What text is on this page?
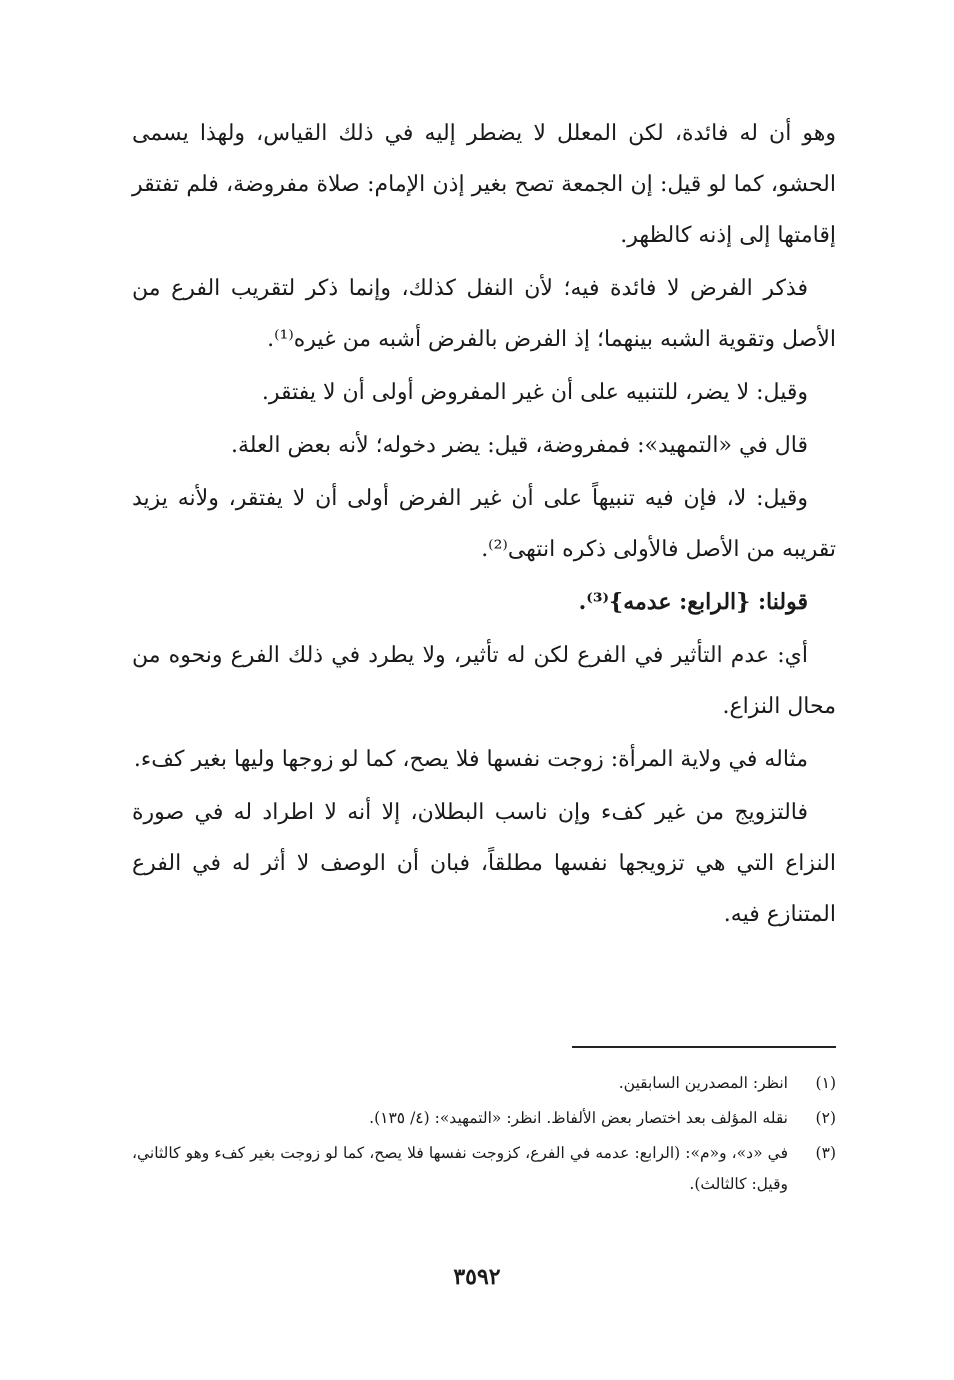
وهو أن له فائدة، لكن المعلل لا يضطر إليه في ذلك القياس، ولهذا يسمى الحشو، كما لو قيل: إن الجمعة تصح بغير إذن الإمام: صلاة مفروضة، فلم تفتقر إقامتها إلى إذنه كالظهر.

فذكر الفرض لا فائدة فيه؛ لأن النفل كذلك، وإنما ذكر لتقريب الفرع من الأصل وتقوية الشبه بينهما؛ إذ الفرض بالفرض أشبه من غيره⁽¹⁾.

وقيل: لا يضر، للتنبيه على أن غير المفروض أولى أن لا يفتقر.

قال في «التمهيد»: فمفروضة، قيل: يضر دخوله؛ لأنه بعض العلة.

وقيل: لا، فإن فيه تنبيهاً على أن غير الفرض أولى أن لا يفتقر، ولأنه يزيد تقريبه من الأصل فالأولى ذكره انتهى⁽²⁾.

قولنا: {الرابع: عدمه}⁽³⁾.

أي: عدم التأثير في الفرع لكن له تأثير، ولا يطرد في ذلك الفرع ونحوه من محال النزاع.

مثاله في ولاية المرأة: زوجت نفسها فلا يصح، كما لو زوجها وليها بغير كفء.

فالتزويج من غير كفء وإن ناسب البطلان، إلا أنه لا اطراد له في صورة النزاع التي هي تزويجها نفسها مطلقاً، فبان أن الوصف لا أثر له في الفرع المتنازع فيه.

(١)
انظر: المصدرين السابقين.
(٢)
نقله المؤلف بعد اختصار بعض الألفاظ. انظر: «التمهيد»: (٤/ ١٣٥).
(٣)
في «د»، و«م»: (الرابع: عدمه في الفرع، كزوجت نفسها فلا يصح، كما لو زوجت بغير كفء وهو كالثاني، وقيل: كالثالث).
٣٥٩٢
